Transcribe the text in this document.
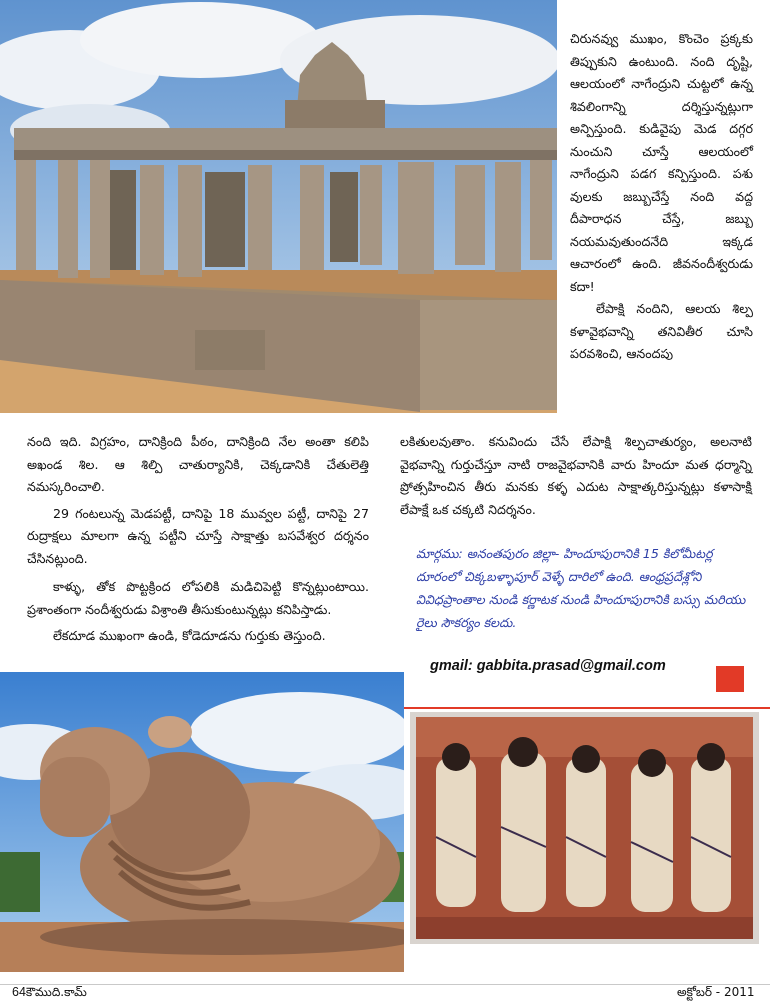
చిరునవ్వు ముఖం, కొంచెం ప్రక్కకు తిప్పుకుని ఉంటుంది. నంది దృష్టి, ఆలయంలో నాగేంద్రుని చుట్టలో ఉన్న శివలింగాన్ని దర్శిస్తున్నట్లుగా అన్పిస్తుంది. కుడివైపు మెడ దగ్గర నుంచుని చూస్తే ఆలయంలో నాగేంద్రుని పడగ కన్పిస్తుంది. పశు వులకు జబ్బుచేస్తే నంది వద్ద దీపారాధన చేస్తే, జబ్బు నయమవుతుందనేది ఇక్కడ ఆచారంలో ఉంది. జీవనందీశ్వరుడు కదా!

లేపాక్షి నందిని, ఆలయ శిల్ప కళావైభవాన్ని తనివితీర చూసి పరవశించి, ఆనందపు

నంది ఇది. విగ్రహం, దానిక్రింది పీఠం, దానిక్రింది నేల అంతా కలిపి అఖండ శిల. ఆ శిల్పి చాతుర్యానికి, చెక్కడానికి చేతులెత్తి నమస్కరించాలి.

29 గంటలున్న మెడపట్టీ, దానిపై 18 మువ్వల పట్టీ, దానిపై 27 రుద్రాక్షలు మాలగా ఉన్న పట్టీని చూస్తే సాక్షాత్తు బసవేశ్వర దర్శనం చేసినట్లుంది.

కాళ్ళు, తోక పొట్టక్రింద లోపలికి మడిచిపెట్టి కొన్నట్లుంటాయి. ప్రశాంతంగా నందీశ్వరుడు విశ్రాంతి తీసుకుంటున్నట్లు కనిపిస్తాడు.

లేకదూడ ముఖంగా ఉండి, కోడెదూడను గుర్తుకు తెస్తుంది.

లకితులవుతాం. కనువిందు చేసే లేపాక్షి శిల్పచాతుర్యం, అలనాటి వైభవాన్ని గుర్తుచేస్తూ నాటి రాజవైభవానికి వారు హిందూ మత ధర్మాన్ని ప్రోత్సహించిన తీరు మనకు కళ్ళ ఎదుట సాక్షాత్కరిస్తున్నట్లు కళాసాక్షి లేపాక్షే ఒక చక్కటి నిదర్శనం.

మార్గము: అనంతపురం జిల్లా- హిందూపురానికి 15 కిలోమీటర్ల దూరంలో చిక్కబళ్ళాపూర్ వెళ్ళే దారిలో ఉంది. ఆంధ్రప్రదేశ్లోని వివిధప్రాంతాల నుండి కర్ణాటక నుండి హిందూపురానికి బస్సు మరియు రైలు సౌకర్యం కలదు.
gmail: gabbita.prasad@gmail.com
64కౌముది.కామ్	అక్టోబర్ - 2011
